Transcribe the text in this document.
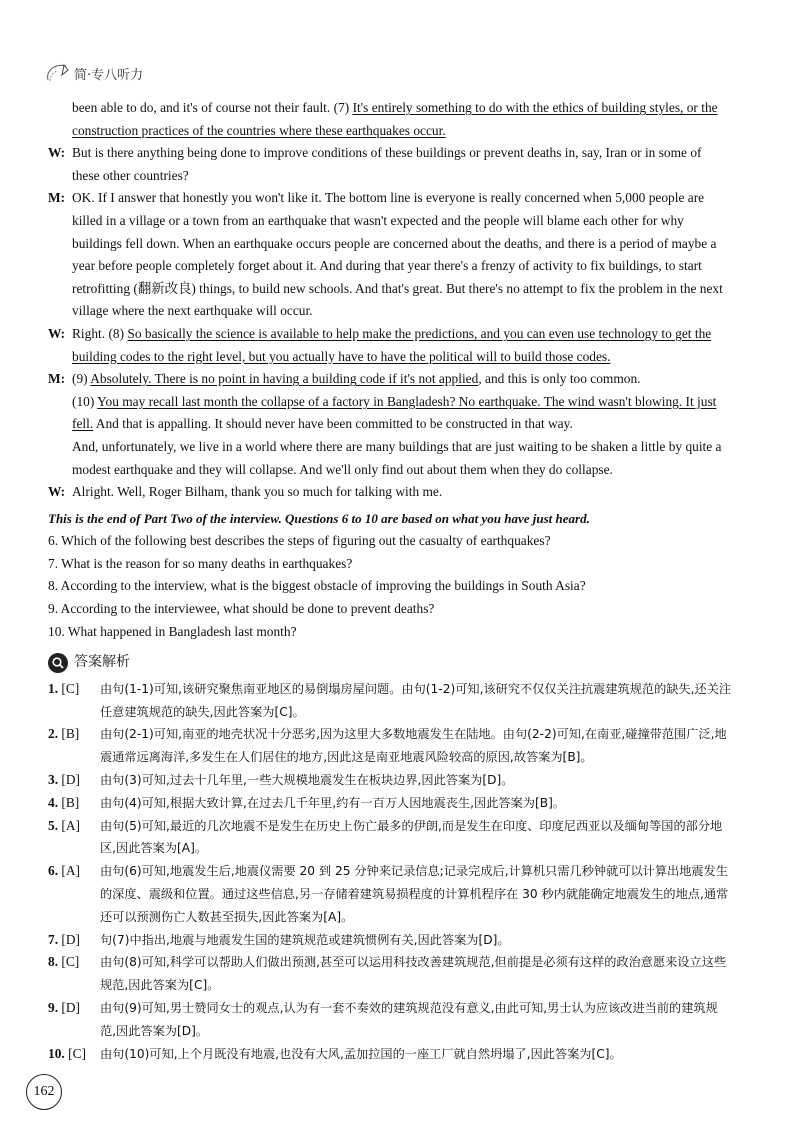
简·专八听力

been able to do, and it's of course not their fault. (7) It's entirely something to do with the ethics of building styles, or the construction practices of the countries where these earthquakes occur.

W: But is there anything being done to improve conditions of these buildings or prevent deaths in, say, Iran or in some of these other countries?
M: OK. If I answer that honestly you won't like it. The bottom line is everyone is really concerned when 5,000 people are killed in a village or a town from an earthquake that wasn't expected and the people will blame each other for why buildings fell down. When an earthquake occurs people are concerned about the deaths, and there is a period of maybe a year before people completely forget about it. And during that year there's a frenzy of activity to fix buildings, to start retrofitting (翻新改良) things, to build new schools. And that's great. But there's no attempt to fix the problem in the next village where the next earthquake will occur.
W: Right. (8) So basically the science is available to help make the predictions, and you can even use technology to get the building codes to the right level, but you actually have to have the political will to build those codes.
M: (9) Absolutely. There is no point in having a building code if it's not applied, and this is only too common.
(10) You may recall last month the collapse of a factory in Bangladesh? No earthquake. The wind wasn't blowing. It just fell. And that is appalling. It should never have been committed to be constructed in that way.
And, unfortunately, we live in a world where there are many buildings that are just waiting to be shaken a little by quite a modest earthquake and they will collapse. And we'll only find out about them when they do collapse.
W: Alright. Well, Roger Bilham, thank you so much for talking with me.

This is the end of Part Two of the interview. Questions 6 to 10 are based on what you have just heard.

6. Which of the following best describes the steps of figuring out the casualty of earthquakes?

7. What is the reason for so many deaths in earthquakes?

8. According to the interview, what is the biggest obstacle of improving the buildings in South Asia?

9. According to the interviewee, what should be done to prevent deaths?

10. What happened in Bangladesh last month?

答案解析
1. [C]	由句(1-1)可知,该研究聚焦南亚地区的易倒塌房屋问题。由句(1-2)可知,该研究不仅仅关注抗震建筑规范的缺失,还关注任意建筑规范的缺失,因此答案为[C]。
2. [B]	由句(2-1)可知,南亚的地壳状况十分恶劣,因为这里大多数地震发生在陆地。由句(2-2)可知,在南亚,碰撞带范围广泛,地震通常远离海洋,多发生在人们居住的地方,因此这是南亚地震风险较高的原因,故答案为[B]。
3. [D]	由句(3)可知,过去十几年里,一些大规模地震发生在板块边界,因此答案为[D]。
4. [B]	由句(4)可知,根据大致计算,在过去几千年里,约有一百万人因地震丧生,因此答案为[B]。
5. [A]	由句(5)可知,最近的几次地震不是发生在历史上伤亡最多的伊朗,而是发生在印度、印度尼西亚以及缅甸等国的部分地区,因此答案为[A]。
6. [A]	由句(6)可知,地震发生后,地震仪需要 20 到 25 分钟来记录信息;记录完成后,计算机只需几秒钟就可以计算出地震发生的深度、震级和位置。通过这些信息,另一存储着建筑易损程度的计算机程序在 30 秒内就能确定地震发生的地点,通常还可以预测伤亡人数甚至损失,因此答案为[A]。
7. [D]	句(7)中指出,地震与地震发生国的建筑规范或建筑惯例有关,因此答案为[D]。
8. [C]	由句(8)可知,科学可以帮助人们做出预测,甚至可以运用科技改善建筑规范,但前提是必须有这样的政治意愿来设立这些规范,因此答案为[C]。
9. [D]	由句(9)可知,男士赞同女士的观点,认为有一套不奏效的建筑规范没有意义,由此可知,男士认为应该改进当前的建筑规范,因此答案为[D]。
10. [C]	由句(10)可知,上个月既没有地震,也没有大风,孟加拉国的一座工厂就自然坍塌了,因此答案为[C]。
162
